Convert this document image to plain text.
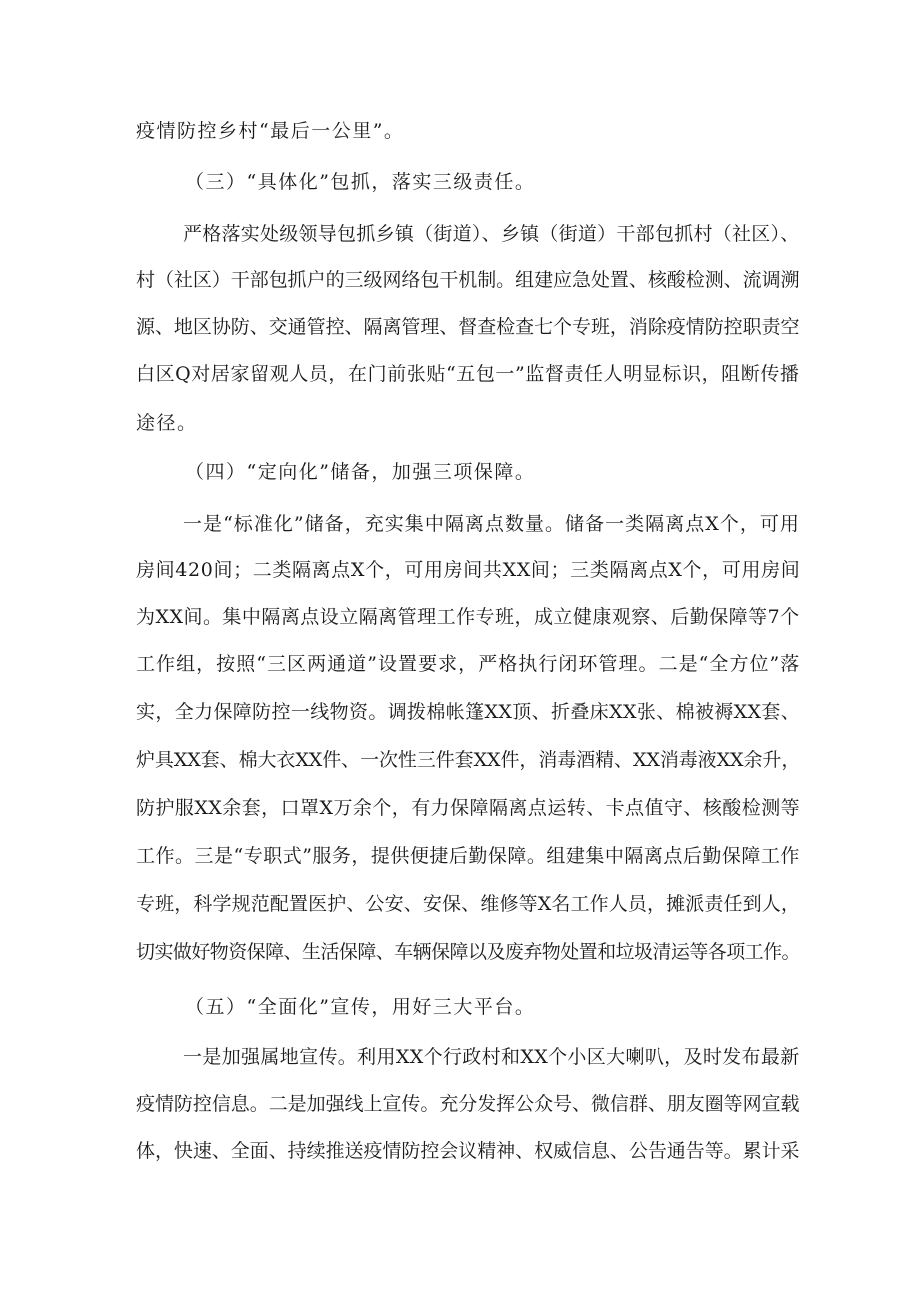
疫情防控乡村“最后一公里”。
（三）“具体化”包抓，落实三级责任。
严格落实处级领导包抓乡镇（街道）、乡镇（街道）干部包抓村（社区）、
村（社区）干部包抓户的三级网络包干机制。组建应急处置、核酸检测、流调溯
源、地区协防、交通管控、隔离管理、督查检查七个专班，消除疫情防控职责空
白区Q对居家留观人员，在门前张贴“五包一”监督责任人明显标识，阻断传播
途径。
（四）“定向化”储备，加强三项保障。
一是“标准化”储备，充实集中隔离点数量。储备一类隔离点X个，可用
房间420间；二类隔离点X个，可用房间共XX间；三类隔离点X个，可用房间
为XX间。集中隔离点设立隔离管理工作专班，成立健康观察、后勤保障等7个
工作组，按照“三区两通道”设置要求，严格执行闭环管理。二是“全方位”落
实，全力保障防控一线物资。调拨棉帐篷XX顶、折叠床XX张、棉被褥XX套、
炉具XX套、棉大衣XX件、一次性三件套XX件，消毒酒精、XX消毒液XX余升，
防护服XX余套，口罩X万余个，有力保障隔离点运转、卡点值守、核酸检测等
工作。三是“专职式”服务，提供便捷后勤保障。组建集中隔离点后勤保障工作
专班，科学规范配置医护、公安、安保、维修等X名工作人员，摊派责任到人，
切实做好物资保障、生活保障、车辆保障以及废弃物处置和垃圾清运等各项工作。
（五）“全面化”宣传，用好三大平台。
一是加强属地宣传。利用XX个行政村和XX个小区大喇叭，及时发布最新
疫情防控信息。二是加强线上宣传。充分发挥公众号、微信群、朋友圈等网宣载
体，快速、全面、持续推送疫情防控会议精神、权威信息、公告通告等。累计采
